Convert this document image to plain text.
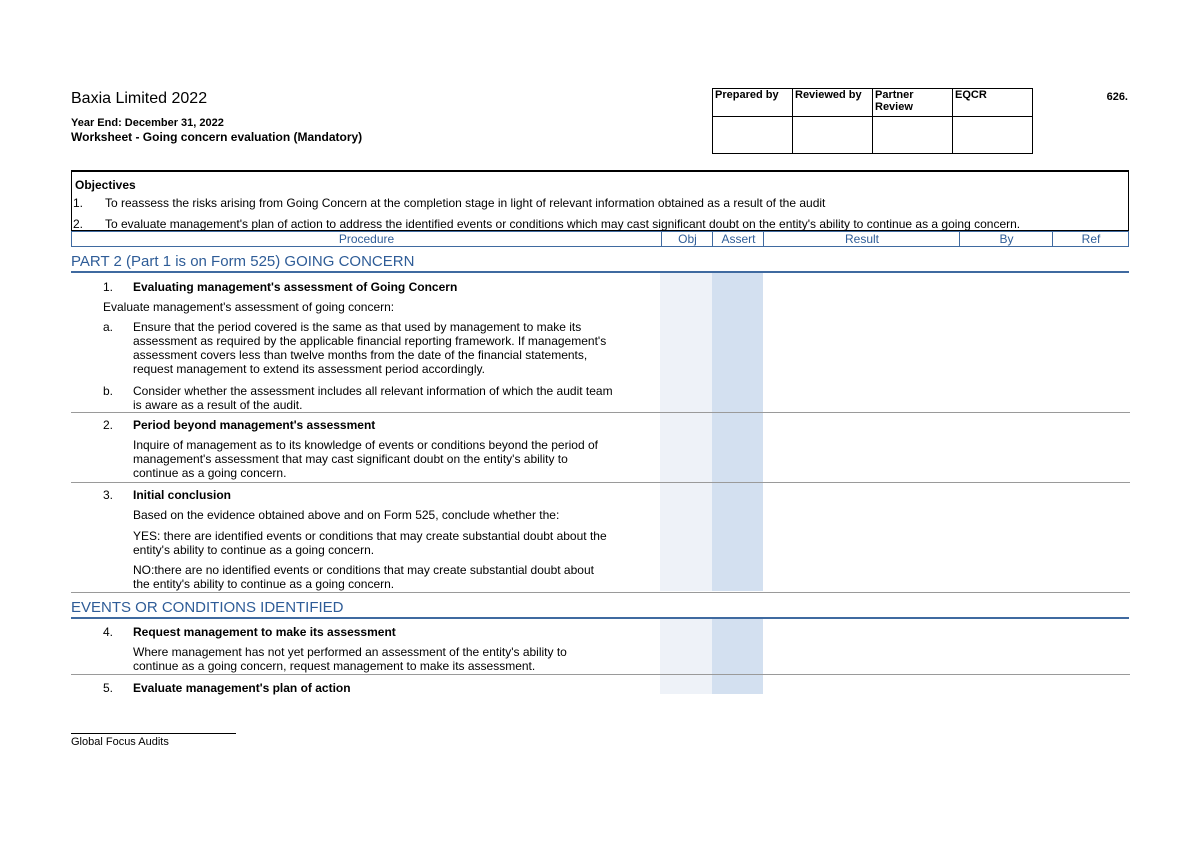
Baxia Limited 2022
Year End: December 31, 2022
Worksheet - Going concern evaluation (Mandatory)
Prepared by	Reviewed by	Partner Review	EQCR
				626.
Objectives
1. To reassess the risks arising from Going Concern at the completion stage in light of relevant information obtained as a result of the audit
2. To evaluate management's plan of action to address the identified events or conditions which may cast significant doubt on the entity's ability to continue as a going concern.
Procedure	Obj	Assert	Result	By	Ref
PART 2 (Part 1 is on Form 525) GOING CONCERN
1. Evaluating management's assessment of Going Concern
Evaluate management's assessment of going concern:
a. Ensure that the period covered is the same as that used by management to make its
assessment as required by the applicable financial reporting framework. If management's
assessment covers less than twelve months from the date of the financial statements,
request management to extend its assessment period accordingly.
b. Consider whether the assessment includes all relevant information of which the audit team
is aware as a result of the audit.
2. Period beyond management's assessment
Inquire of management as to its knowledge of events or conditions beyond the period of
management's assessment that may cast significant doubt on the entity's ability to
continue as a going concern.
3. Initial conclusion
Based on the evidence obtained above and on Form 525, conclude whether the:
YES: there are identified events or conditions that may create substantial doubt about the
entity's ability to continue as a going concern.
NO:there are no identified events or conditions that may create substantial doubt about
the entity's ability to continue as a going concern.
EVENTS OR CONDITIONS IDENTIFIED
4. Request management to make its assessment
Where management has not yet performed an assessment of the entity's ability to
continue as a going concern, request management to make its assessment.
5. Evaluate management's plan of action
Global Focus Audits
